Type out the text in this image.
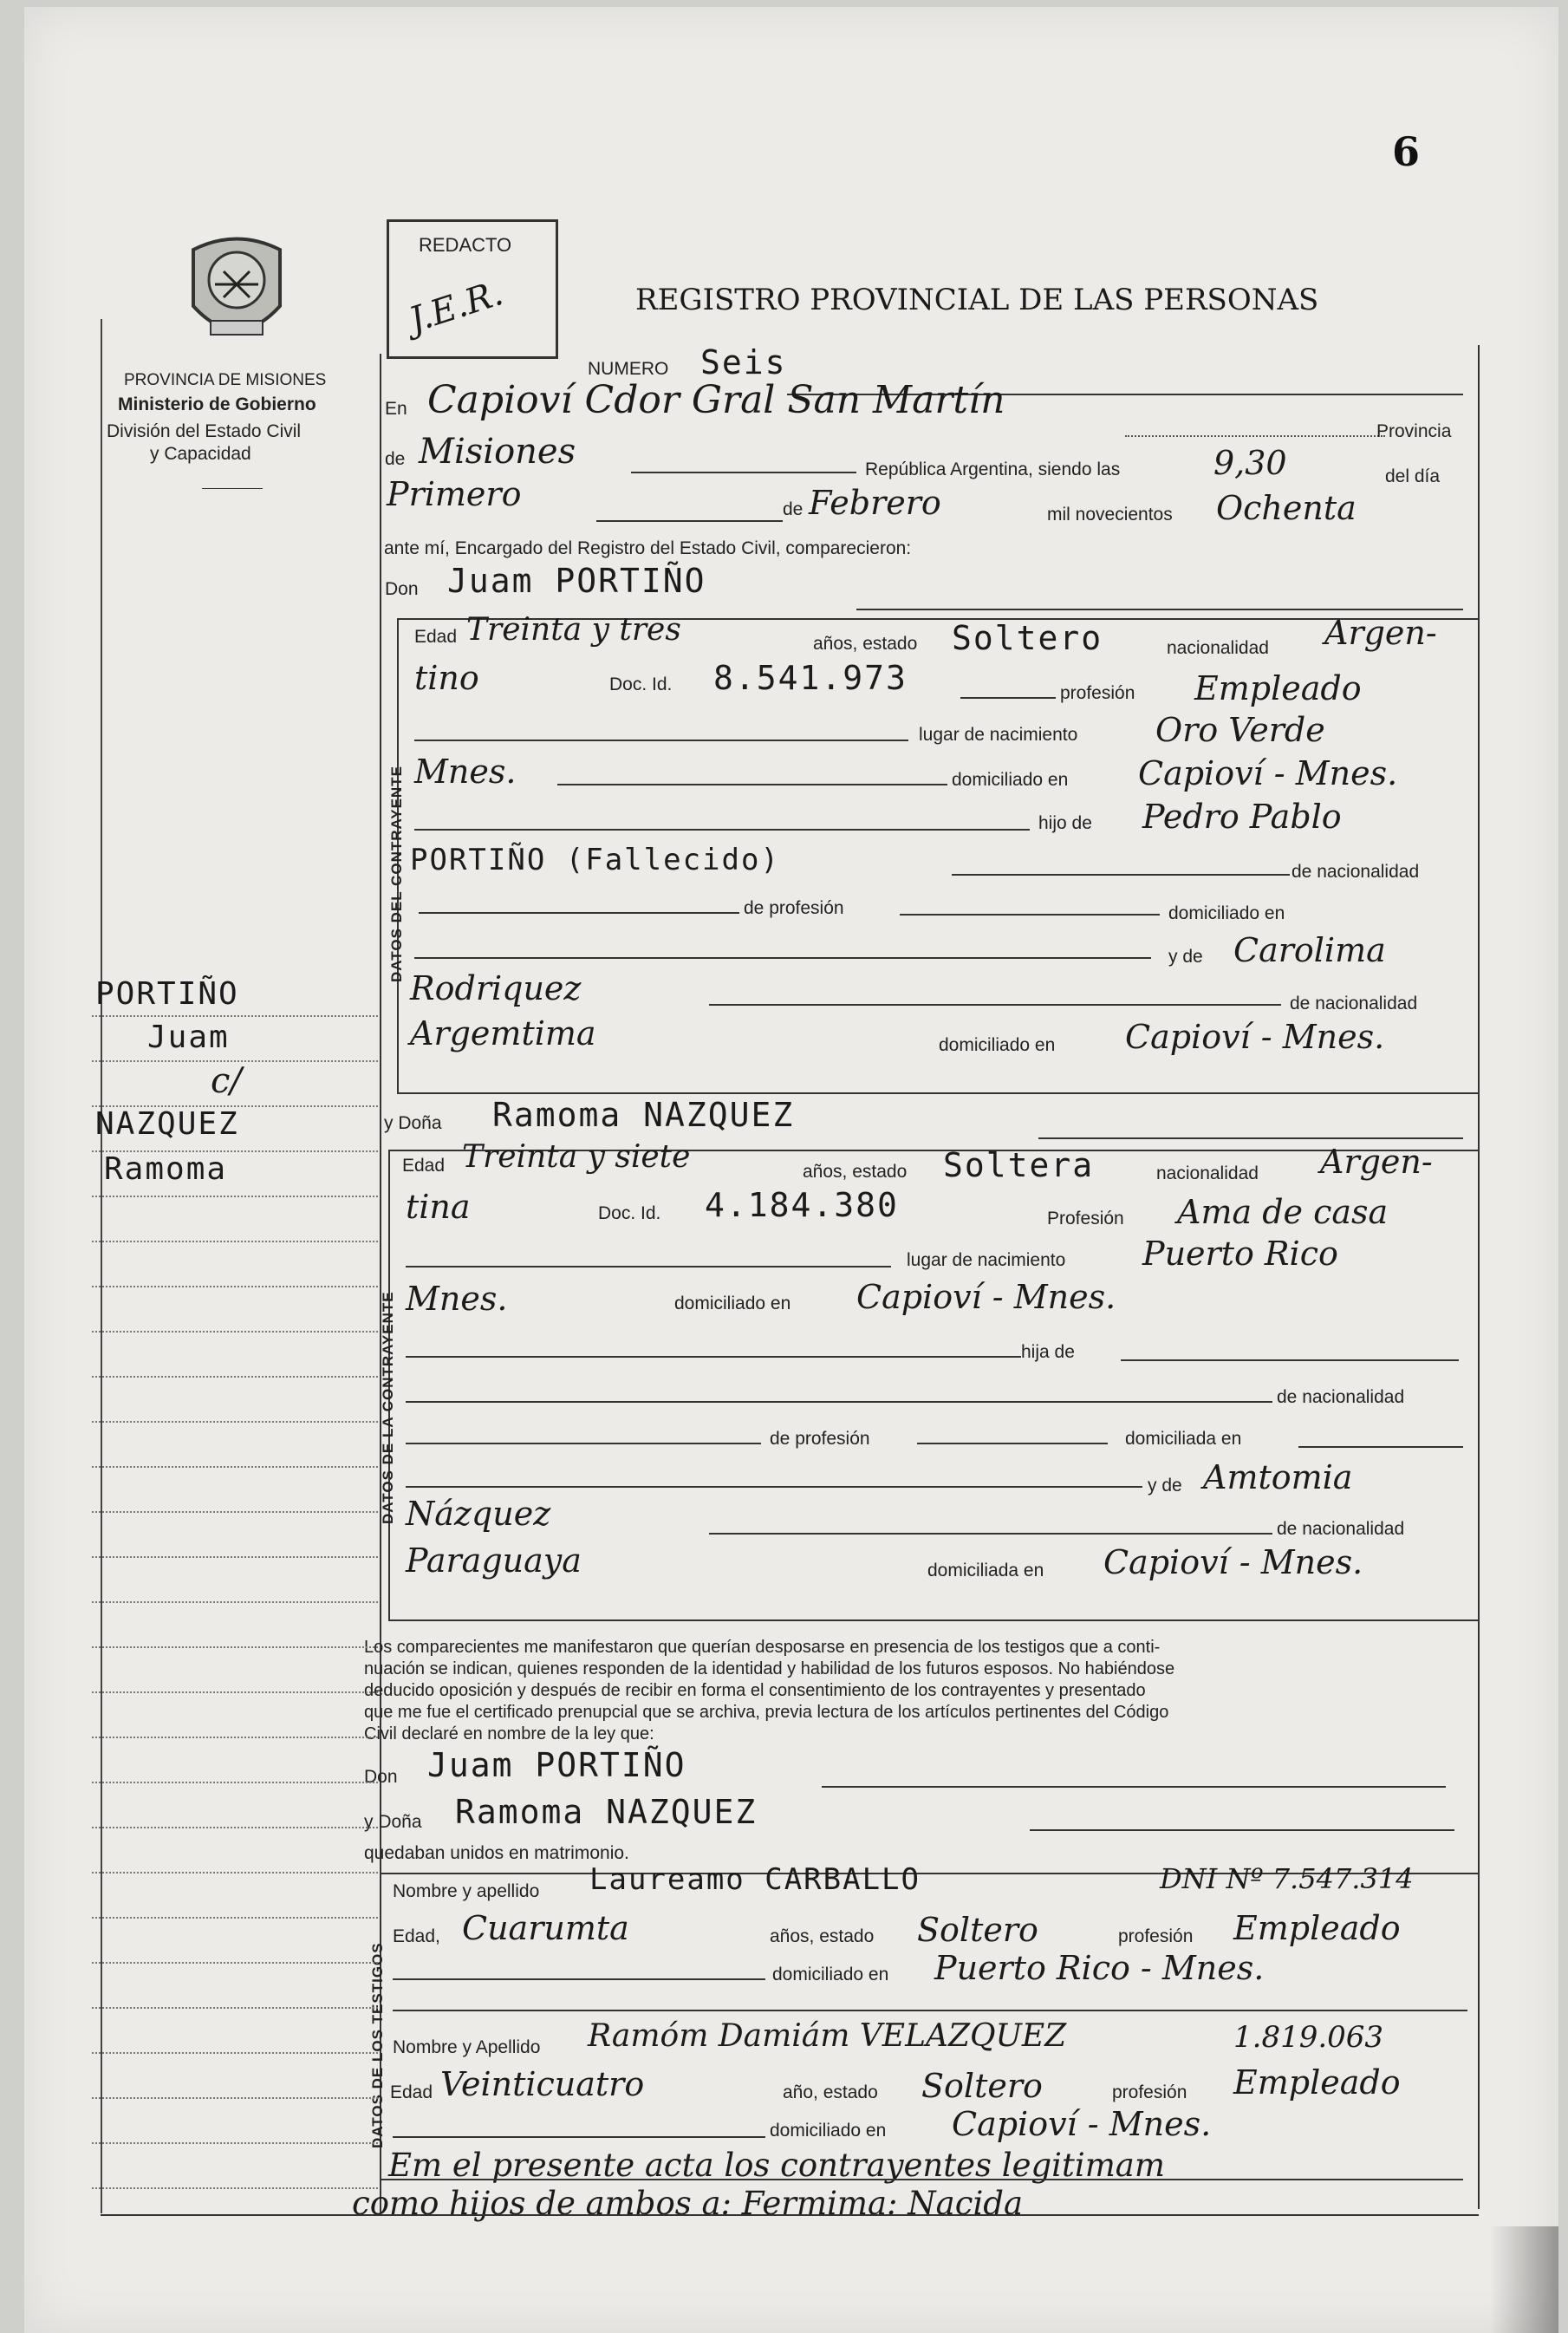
6
PROVINCIA DE MISIONES
Ministerio de Gobierno
División del Estado Civil
y Capacidad
REDACTO
J.E.R.	REGISTRO PROVINCIAL DE LAS PERSONAS
NUMERO Seis
En Capioví Cdor Gral San Martín
Provincia
de Misiones	República Argentina, siendo las	9,30	del día
Primero	de Febrero	mil novecientos Ochenta
ante mí, Encargado del Registro del Estado Civil, comparecieron:
Don Juam PORTIÑO
DATOS DEL CONTRAYENTE
Edad Treinta y tres	años, estado Soltero	nacionalidad Argen-
tino	Doc. Id. 8.541.973	profesión Empleado
lugar de nacimiento Oro Verde
Mnes.	domiciliado en Capioví - Mnes.
hijo de Pedro Pablo
PORTIÑO (Fallecido)	de nacionalidad
de profesión	domiciliado en
y de Carolima
Rodriquez	de nacionalidad
Argemtima	domiciliado en Capioví - Mnes.
y Doña Ramoma NAZQUEZ
DATOS DE LA CONTRAYENTE
Edad Treinta y siete	años, estado Soltera	nacionalidad Argen-
tina	Doc. Id. 4.184.380	Profesión Ama de casa
lugar de nacimiento Puerto Rico
Mnes.	domiciliado en Capioví - Mnes.
hija de
de nacionalidad
de profesión	domiciliada en
y de Amtomia
Názquez	de nacionalidad
Paraguaya	domiciliada en Capioví - Mnes.
Los comparecientes me manifestaron que querían desposarse en presencia de los testigos que a conti-
nuación se indican, quienes responden de la identidad y habilidad de los futuros esposos. No habiéndose
deducido oposición y después de recibir en forma el consentimiento de los contrayentes y presentado
que me fue el certificado prenupcial que se archiva, previa lectura de los artículos pertinentes del Código
Civil declaré en nombre de la ley que:
Don Juam PORTIÑO
y Doña Ramoma NAZQUEZ
quedaban unidos en matrimonio.
DATOS DE LOS TESTIGOS
Nombre y apellido Laureamo CARBALLO	DNI Nº 7.547.314
Edad, Cuarumta	años, estado Soltero	profesión Empleado
domiciliado en Puerto Rico - Mnes.
Nombre y Apellido Ramóm Damiám VELAZQUEZ	1.819.063
Edad Veinticuatro	año, estado Soltero	profesión Empleado
domiciliado en Capioví - Mnes.
Em el presente acta los contrayentes legitimam
como hijos de ambos a: Fermima: Nacida
PORTIÑO
Juam
c/
NAZQUEZ
Ramoma
